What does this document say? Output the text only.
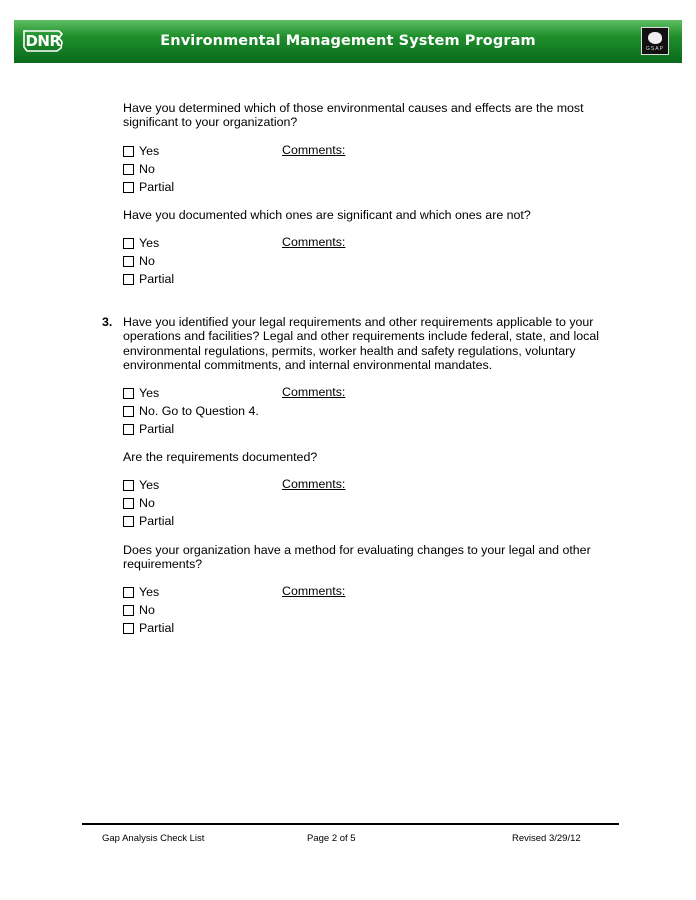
DNR	Environmental Management System Program	GSAP
Have you determined which of those environmental causes and effects are the most significant to your organization?
Yes
No
Partial
Comments:
Have you documented which ones are significant and which ones are not?
Yes
No
Partial
Comments:
3. Have you identified your legal requirements and other requirements applicable to your operations and facilities? Legal and other requirements include federal, state, and local environmental regulations, permits, worker health and safety regulations, voluntary environmental commitments, and internal environmental mandates.
Yes
No. Go to Question 4.
Partial
Comments:
Are the requirements documented?
Yes
No
Partial
Comments:
Does your organization have a method for evaluating changes to your legal and other requirements?
Yes
No
Partial
Comments:
Gap Analysis Check List	Page 2 of 5	Revised 3/29/12
